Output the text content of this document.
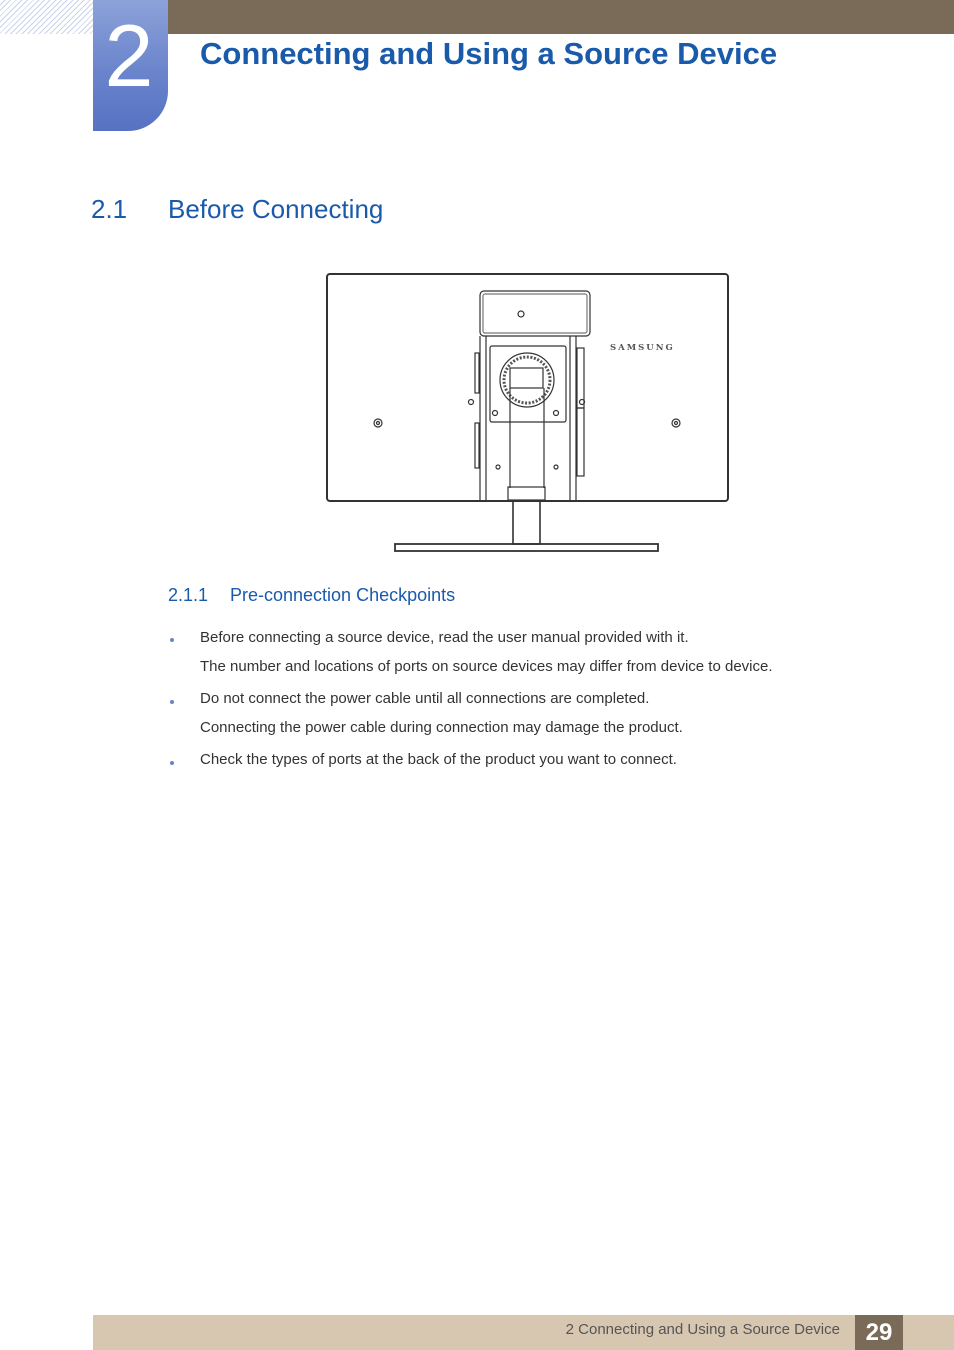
2	Connecting and Using a Source Device
2.1 Before Connecting
SAMSUNG
2.1.1 Pre-connection Checkpoints
Before connecting a source device, read the user manual provided with it.
The number and locations of ports on source devices may differ from device to device.
Do not connect the power cable until all connections are completed.
Connecting the power cable during connection may damage the product.
Check the types of ports at the back of the product you want to connect.
2 Connecting and Using a Source Device	29
